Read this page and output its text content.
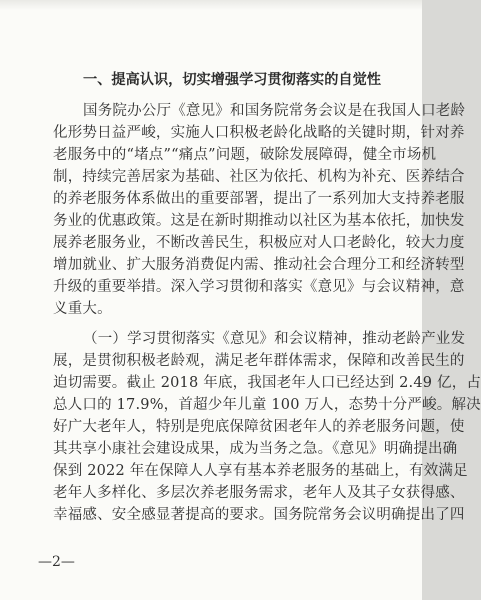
一、提高认识，切实增强学习贯彻落实的自觉性
国务院办公厅《意见》和国务院常务会议是在我国人口老龄
化形势日益严峻，实施人口积极老龄化战略的关键时期，针对养
老服务中的“堵点”“痛点”问题，破除发展障碍，健全市场机
制，持续完善居家为基础、社区为依托、机构为补充、医养结合
的养老服务体系做出的重要部署，提出了一系列加大支持养老服
务业的优惠政策。这是在新时期推动以社区为基本依托，加快发
展养老服务业，不断改善民生，积极应对人口老龄化，较大力度
增加就业、扩大服务消费促内需、推动社会合理分工和经济转型
升级的重要举措。深入学习贯彻和落实《意见》与会议精神，意
义重大。
（一）学习贯彻落实《意见》和会议精神，推动老龄产业发
展，是贯彻积极老龄观，满足老年群体需求，保障和改善民生的
迫切需要。截止 2018 年底，我国老年人口已经达到 2.49 亿，占
总人口的 17.9%，首超少年儿童 100 万人，态势十分严峻。解决
好广大老年人，特别是兜底保障贫困老年人的养老服务问题，使
其共享小康社会建设成果，成为当务之急。《意见》明确提出确
保到 2022 年在保障人人享有基本养老服务的基础上，有效满足
老年人多样化、多层次养老服务需求，老年人及其子女获得感、
幸福感、安全感显著提高的要求。国务院常务会议明确提出了四
—2—
